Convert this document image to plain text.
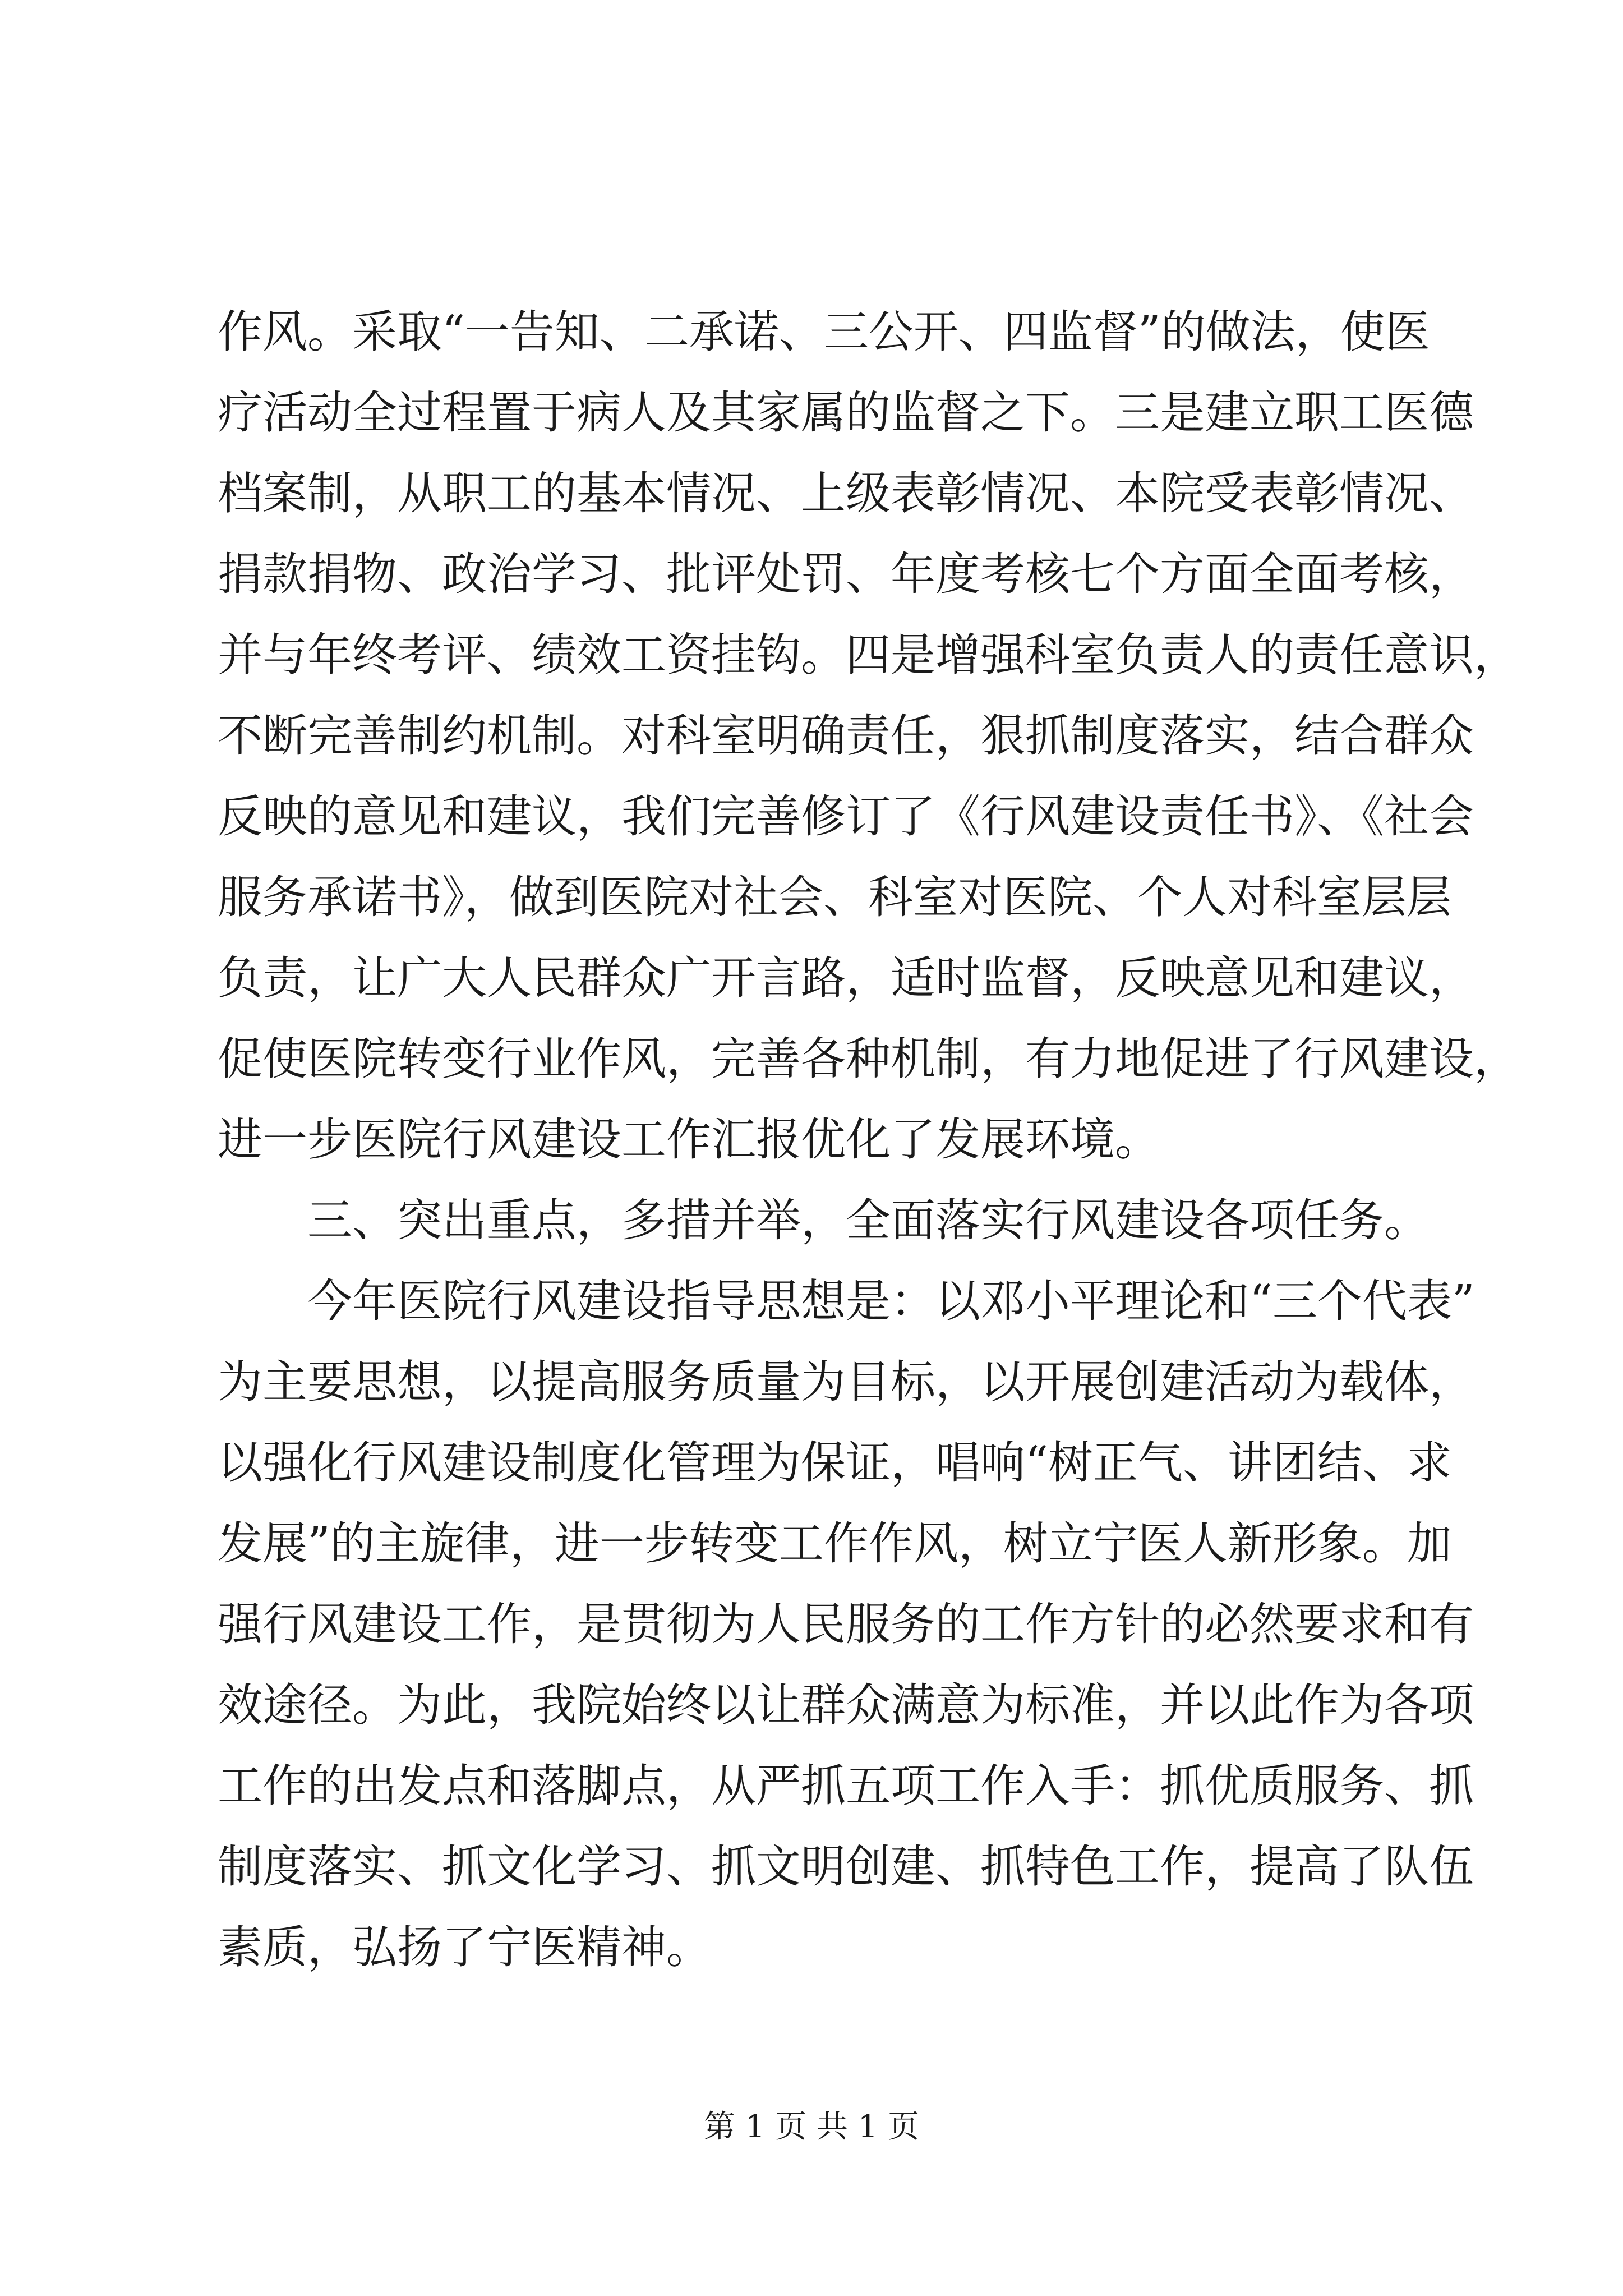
作风。采取“一告知、二承诺、三公开、四监督”的做法，使医
疗活动全过程置于病人及其家属的监督之下。三是建立职工医德
档案制，从职工的基本情况、上级表彰情况、本院受表彰情况、
捐款捐物、政治学习、批评处罚、年度考核七个方面全面考核，
并与年终考评、绩效工资挂钩。四是增强科室负责人的责任意识，
不断完善制约机制。对科室明确责任，狠抓制度落实，结合群众
反映的意见和建议，我们完善修订了《行风建设责任书》、《社会
服务承诺书》，做到医院对社会、科室对医院、个人对科室层层
负责，让广大人民群众广开言路，适时监督，反映意见和建议，
促使医院转变行业作风，完善各种机制，有力地促进了行风建设，
进一步医院行风建设工作汇报优化了发展环境。
三、突出重点，多措并举，全面落实行风建设各项任务。
今年医院行风建设指导思想是：以邓小平理论和“三个代表”
为主要思想，以提高服务质量为目标，以开展创建活动为载体，
以强化行风建设制度化管理为保证，唱响“树正气、讲团结、求
发展”的主旋律，进一步转变工作作风，树立宁医人新形象。加
强行风建设工作，是贯彻为人民服务的工作方针的必然要求和有
效途径。为此，我院始终以让群众满意为标准，并以此作为各项
工作的出发点和落脚点，从严抓五项工作入手：抓优质服务、抓
制度落实、抓文化学习、抓文明创建、抓特色工作，提高了队伍
素质，弘扬了宁医精神。
第 1 页 共 1 页
